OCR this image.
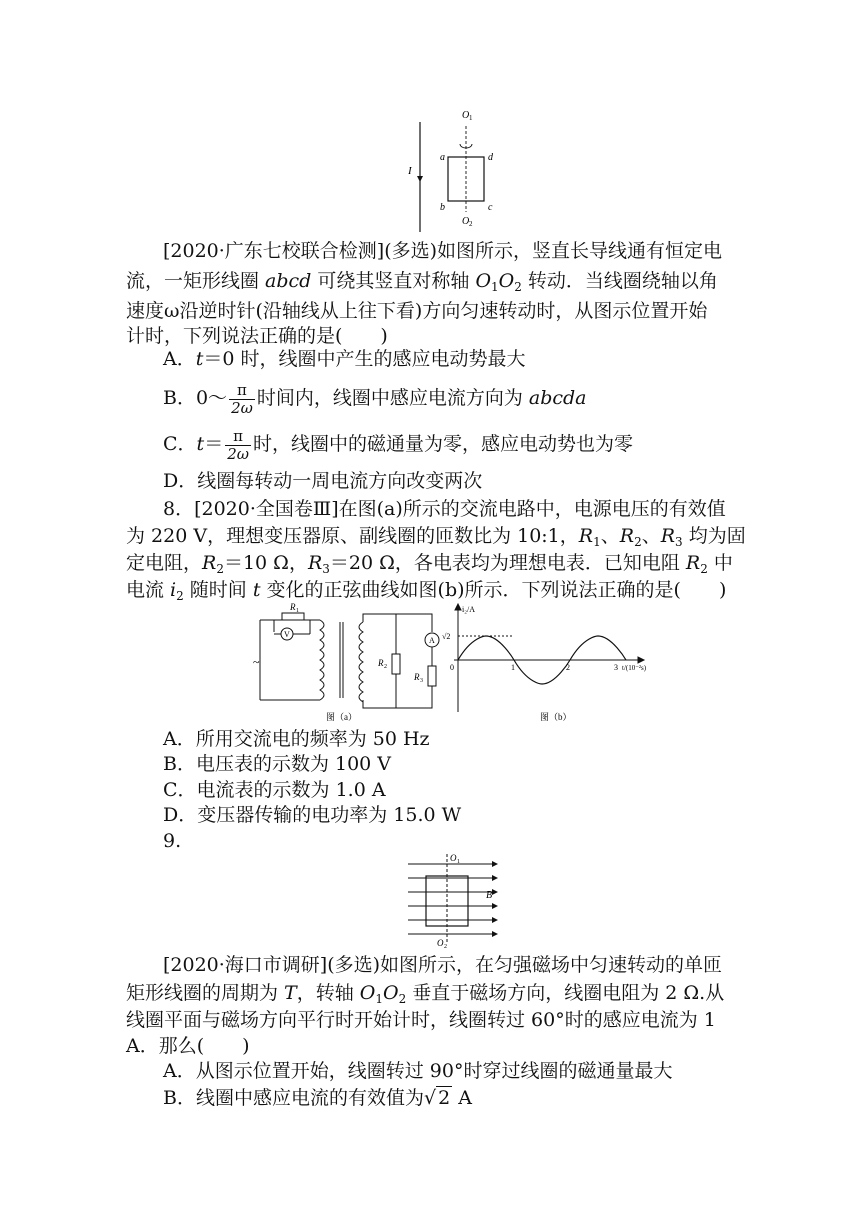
I
O 1
O 2
a
b	c
d
[2020·广东七校联合检测](多选)如图所示，竖直长导线通有恒定电
流，一矩形线圈 abcd 可绕其竖直对称轴 $O_1O_2$ 转动．当线圈绕轴以角
速度ω沿逆时针(沿轴线从上往下看)方向匀速转动时，从图示位置开始
计时，下列说法正确的是(　　)
A．t＝0 时，线圈中产生的感应电动势最大
B．0～ $\frac{\pi}{2\omega}$ 时间内，线圈中感应电流方向为 abcda
C．$t= \frac{\pi}{2\omega}$ 时，线圈中的磁通量为零，感应电动势也为零
D．线圈每转动一周电流方向改变两次
8．[2020·全国卷Ⅲ]在图(a)所示的交流电路中，电源电压的有效值
为 220 V，理想变压器原、副线圈的匝数比为 10:1，$R_1$、$R_2$、$R_3$ 均为固
定电阻，$R_2=10$ Ω，$R_3=20$ Ω，各电表均为理想电表．已知电阻 $R_2$ 中
电流 $i_2$ 随时间 t 变化的正弦曲线如图(b)所示．下列说法正确的是(　　)
R 1
V
A
R 2
R 3
~
图（a）
i₂/A
√2
0	1	2	3 t/(10⁻²s)
图（b）
A．所用交流电的频率为 50 Hz
B．电压表的示数为 100 V
C．电流表的示数为 1.0 A
D．变压器传输的电功率为 15.0 W
9.
O 1
O 2
B
[2020·海口市调研](多选)如图所示，在匀强磁场中匀速转动的单匝
矩形线圈的周期为 T，转轴 $O_1O_2$ 垂直于磁场方向，线圈电阻为 2 Ω.从
线圈平面与磁场方向平行时开始计时，线圈转过 60°时的感应电流为 1
A．那么(　　)
A．从图示位置开始，线圈转过 90°时穿过线圈的磁通量最大
B．线圈中感应电流的有效值为√ 2 A
